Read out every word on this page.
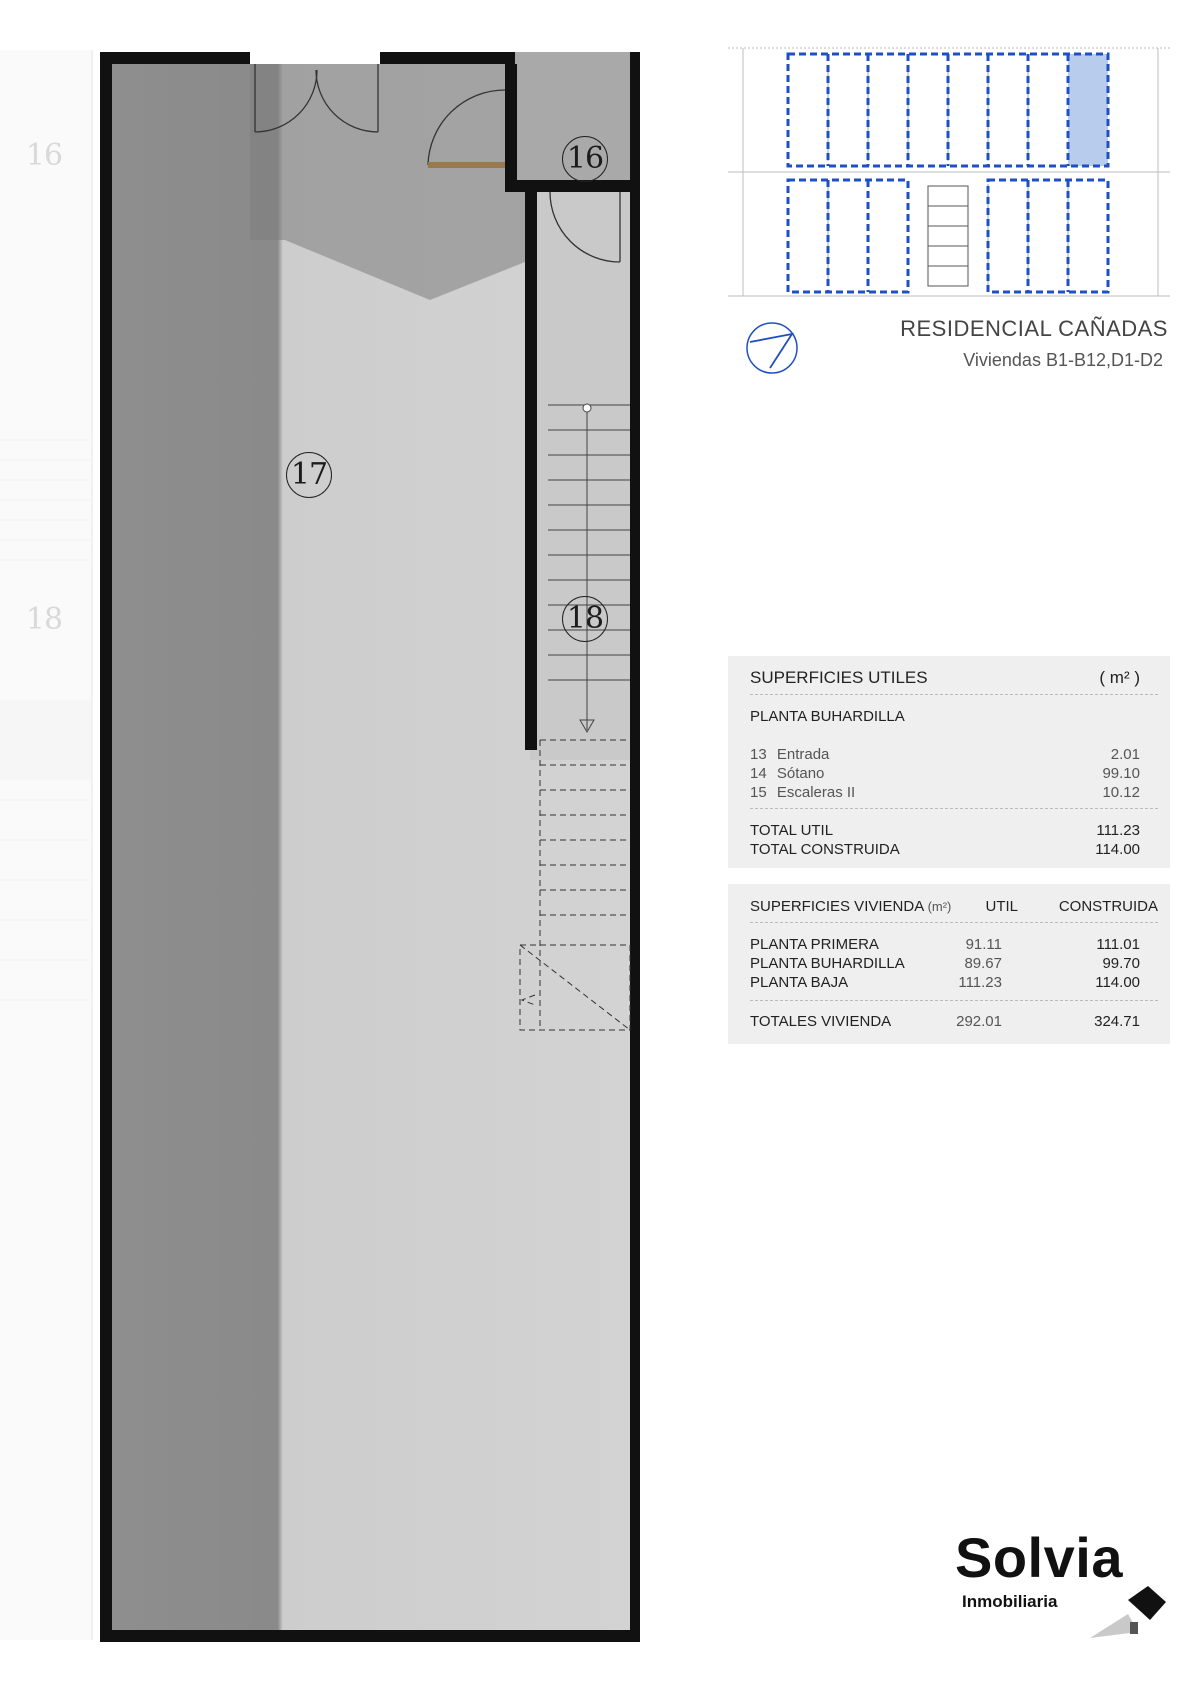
16
18
16
17
18
RESIDENCIAL CAÑADAS
Viviendas B1-B12,D1-D2
SUPERFICIES UTILES	( m² )
PLANTA BUHARDILLA
13 Entrada	2.01
14 Sótano	99.10
15 Escaleras II	10.12
TOTAL UTIL	111.23
TOTAL CONSTRUIDA	114.00
SUPERFICIES VIVIENDA (m²) UTIL	CONSTRUIDA
PLANTA PRIMERA	91.11	111.01
PLANTA BUHARDILLA	89.67	99.70
PLANTA BAJA	111.23	114.00
TOTALES VIVIENDA	292.01	324.71
Solvia
Inmobiliaria
